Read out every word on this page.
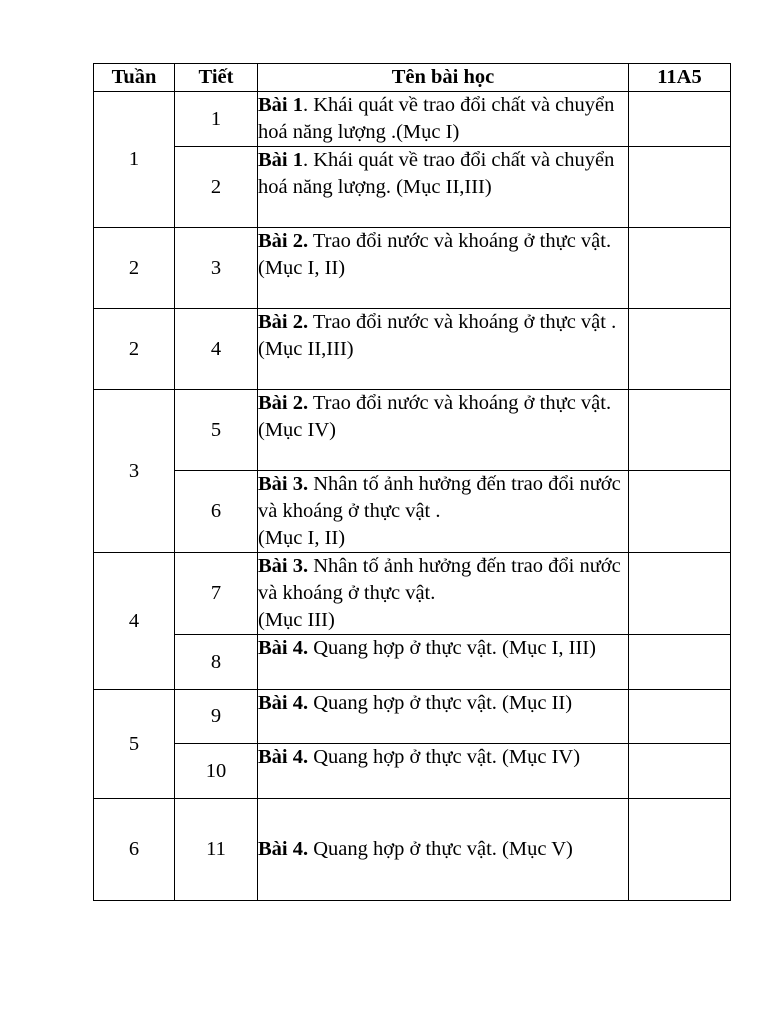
Tuần	Tiết	Tên bài học	11A5
1	1	Bài 1. Khái quát về trao đổi chất và chuyển hoá năng lượng .(Mục I)	
	2	Bài 1. Khái quát về trao đổi chất và chuyển hoá năng lượng. (Mục II,III)	
2	3	Bài 2. Trao đổi nước và khoáng ở thực vật.
(Mục I, II)	
2	4	Bài 2. Trao đổi nước và khoáng ở thực vật .
(Mục II,III)	
3	5	Bài 2. Trao đổi nước và khoáng ở thực vật.
(Mục IV)	
	6	Bài 3. Nhân tố ảnh hưởng đến trao đổi nước và khoáng ở thực vật .
(Mục I, II)	
4	7	Bài 3. Nhân tố ảnh hưởng đến trao đổi nước và khoáng ở thực vật.
(Mục III)	
	8	Bài 4. Quang hợp ở thực vật. (Mục I, III)	
5	9	Bài 4. Quang hợp ở thực vật. (Mục II)	
	10	Bài 4. Quang hợp ở thực vật. (Mục IV)	
6	11	Bài 4. Quang hợp ở thực vật. (Mục V)	
